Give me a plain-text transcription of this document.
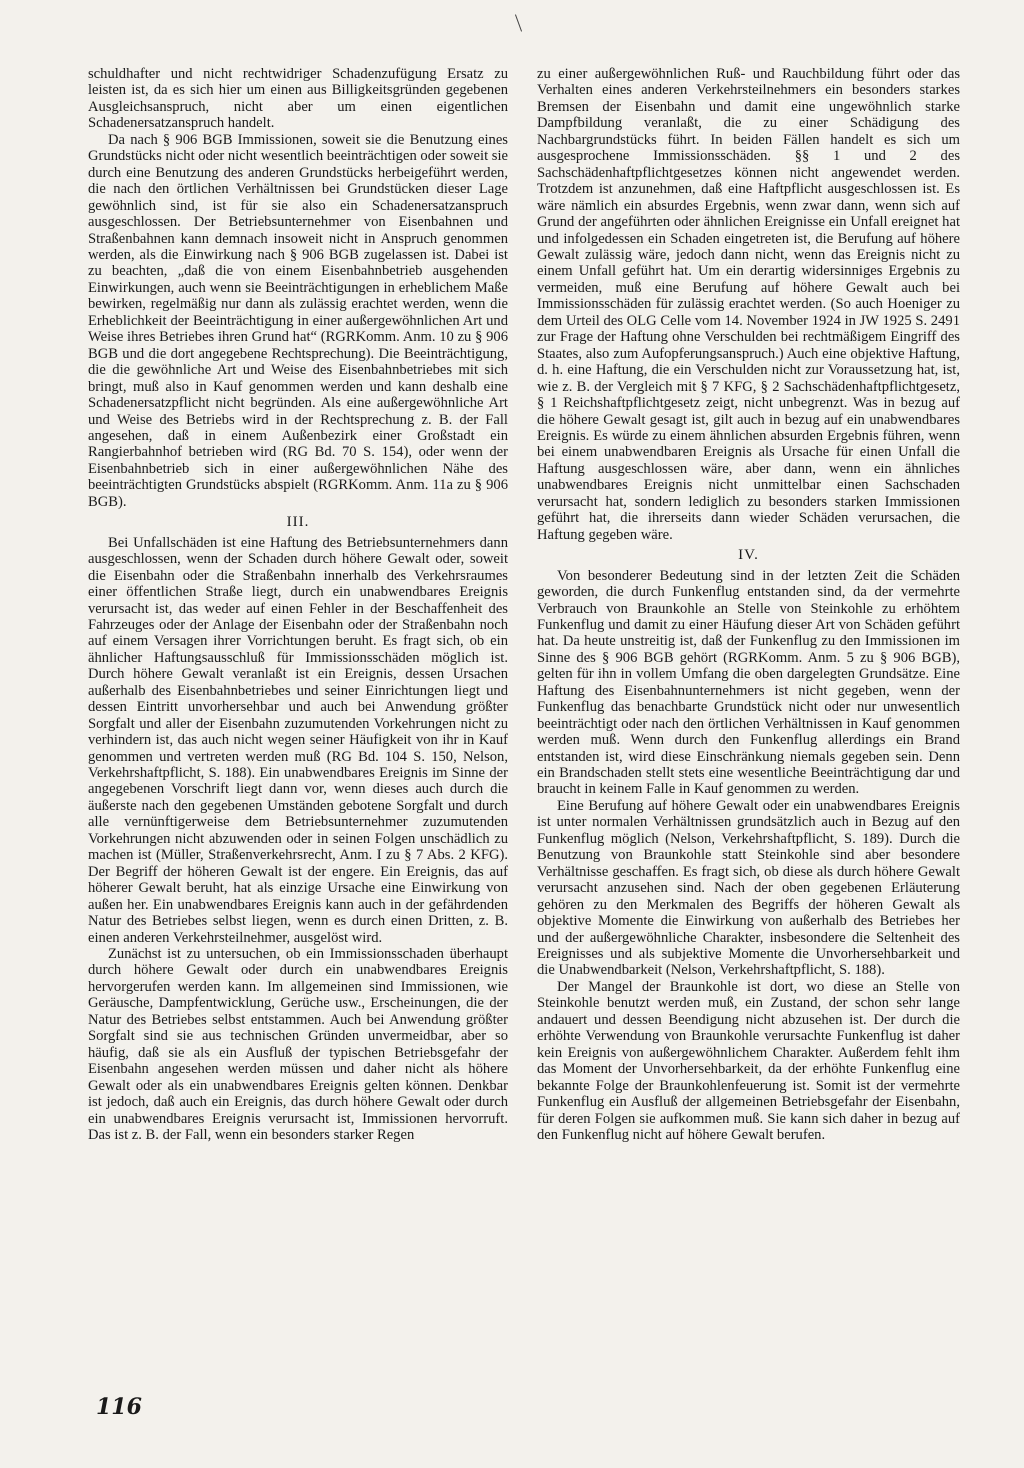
schuldhafter und nicht rechtwidriger Schadenzufügung Ersatz zu leisten ist, da es sich hier um einen aus Billigkeitsgründen gegebenen Ausgleichsanspruch, nicht aber um einen eigentlichen Schadenersatzanspruch handelt.

Da nach § 906 BGB Immissionen, soweit sie die Benutzung eines Grundstücks nicht oder nicht wesentlich beeinträchtigen oder soweit sie durch eine Benutzung des anderen Grundstücks herbeigeführt werden, die nach den örtlichen Verhältnissen bei Grundstücken dieser Lage gewöhnlich sind, ist für sie also ein Schadenersatzanspruch ausgeschlossen. Der Betriebsunternehmer von Eisenbahnen und Straßenbahnen kann demnach insoweit nicht in Anspruch genommen werden, als die Einwirkung nach § 906 BGB zugelassen ist. Dabei ist zu beachten, „daß die von einem Eisenbahnbetrieb ausgehenden Einwirkungen, auch wenn sie Beeinträchtigungen in erheblichem Maße bewirken, regelmäßig nur dann als zulässig erachtet werden, wenn die Erheblichkeit der Beeinträchtigung in einer außergewöhnlichen Art und Weise ihres Betriebes ihren Grund hat“ (RGRKomm. Anm. 10 zu § 906 BGB und die dort angegebene Rechtsprechung). Die Beeinträchtigung, die die gewöhnliche Art und Weise des Eisenbahnbetriebes mit sich bringt, muß also in Kauf genommen werden und kann deshalb eine Schadenersatzpflicht nicht begründen. Als eine außergewöhnliche Art und Weise des Betriebs wird in der Rechtsprechung z. B. der Fall angesehen, daß in einem Außenbezirk einer Großstadt ein Rangierbahnhof betrieben wird (RG Bd. 70 S. 154), oder wenn der Eisenbahnbetrieb sich in einer außergewöhnlichen Nähe des beeinträchtigten Grundstücks abspielt (RGRKomm. Anm. 11a zu § 906 BGB).

III.

Bei Unfallschäden ist eine Haftung des Betriebsunternehmers dann ausgeschlossen, wenn der Schaden durch höhere Gewalt oder, soweit die Eisenbahn oder die Straßenbahn innerhalb des Verkehrsraumes einer öffentlichen Straße liegt, durch ein unabwendbares Ereignis verursacht ist, das weder auf einen Fehler in der Beschaffenheit des Fahrzeuges oder der Anlage der Eisenbahn oder der Straßenbahn noch auf einem Versagen ihrer Vorrichtungen beruht. Es fragt sich, ob ein ähnlicher Haftungsausschluß für Immissionsschäden möglich ist. Durch höhere Gewalt veranlaßt ist ein Ereignis, dessen Ursachen außerhalb des Eisenbahnbetriebes und seiner Einrichtungen liegt und dessen Eintritt unvorhersehbar und auch bei Anwendung größter Sorgfalt und aller der Eisenbahn zuzumutenden Vorkehrungen nicht zu verhindern ist, das auch nicht wegen seiner Häufigkeit von ihr in Kauf genommen und vertreten werden muß (RG Bd. 104 S. 150, Nelson, Verkehrshaftpflicht, S. 188). Ein unabwendbares Ereignis im Sinne der angegebenen Vorschrift liegt dann vor, wenn dieses auch durch die äußerste nach den gegebenen Umständen gebotene Sorgfalt und durch alle vernünftigerweise dem Betriebsunternehmer zuzumutenden Vorkehrungen nicht abzuwenden oder in seinen Folgen unschädlich zu machen ist (Müller, Straßenverkehrsrecht, Anm. I zu § 7 Abs. 2 KFG). Der Begriff der höheren Gewalt ist der engere. Ein Ereignis, das auf höherer Gewalt beruht, hat als einzige Ursache eine Einwirkung von außen her. Ein unabwendbares Ereignis kann auch in der gefährdenden Natur des Betriebes selbst liegen, wenn es durch einen Dritten, z. B. einen anderen Verkehrsteilnehmer, ausgelöst wird.

Zunächst ist zu untersuchen, ob ein Immissionsschaden überhaupt durch höhere Gewalt oder durch ein unabwendbares Ereignis hervorgerufen werden kann. Im allgemeinen sind Immissionen, wie Geräusche, Dampfentwicklung, Gerüche usw., Erscheinungen, die der Natur des Betriebes selbst entstammen. Auch bei Anwendung größter Sorgfalt sind sie aus technischen Gründen unvermeidbar, aber so häufig, daß sie als ein Ausfluß der typischen Betriebsgefahr der Eisenbahn angesehen werden müssen und daher nicht als höhere Gewalt oder als ein unabwendbares Ereignis gelten können. Denkbar ist jedoch, daß auch ein Ereignis, das durch höhere Gewalt oder durch ein unabwendbares Ereignis verursacht ist, Immissionen hervorruft. Das ist z. B. der Fall, wenn ein besonders starker Regen

zu einer außergewöhnlichen Ruß- und Rauchbildung führt oder das Verhalten eines anderen Verkehrsteilnehmers ein besonders starkes Bremsen der Eisenbahn und damit eine ungewöhnlich starke Dampfbildung veranlaßt, die zu einer Schädigung des Nachbargrundstücks führt. In beiden Fällen handelt es sich um ausgesprochene Immissionsschäden. §§ 1 und 2 des Sachschädenhaftpflichtgesetzes können nicht angewendet werden. Trotzdem ist anzunehmen, daß eine Haftpflicht ausgeschlossen ist. Es wäre nämlich ein absurdes Ergebnis, wenn zwar dann, wenn sich auf Grund der angeführten oder ähnlichen Ereignisse ein Unfall ereignet hat und infolgedessen ein Schaden eingetreten ist, die Berufung auf höhere Gewalt zulässig wäre, jedoch dann nicht, wenn das Ereignis nicht zu einem Unfall geführt hat. Um ein derartig widersinniges Ergebnis zu vermeiden, muß eine Berufung auf höhere Gewalt auch bei Immissionsschäden für zulässig erachtet werden. (So auch Hoeniger zu dem Urteil des OLG Celle vom 14. November 1924 in JW 1925 S. 2491 zur Frage der Haftung ohne Verschulden bei rechtmäßigem Eingriff des Staates, also zum Aufopferungsanspruch.) Auch eine objektive Haftung, d. h. eine Haftung, die ein Verschulden nicht zur Voraussetzung hat, ist, wie z. B. der Vergleich mit § 7 KFG, § 2 Sachschädenhaftpflichtgesetz, § 1 Reichshaftpflichtgesetz zeigt, nicht unbegrenzt. Was in bezug auf die höhere Gewalt gesagt ist, gilt auch in bezug auf ein unabwendbares Ereignis. Es würde zu einem ähnlichen absurden Ergebnis führen, wenn bei einem unabwendbaren Ereignis als Ursache für einen Unfall die Haftung ausgeschlossen wäre, aber dann, wenn ein ähnliches unabwendbares Ereignis nicht unmittelbar einen Sachschaden verursacht hat, sondern lediglich zu besonders starken Immissionen geführt hat, die ihrerseits dann wieder Schäden verursachen, die Haftung gegeben wäre.

IV.

Von besonderer Bedeutung sind in der letzten Zeit die Schäden geworden, die durch Funkenflug entstanden sind, da der vermehrte Verbrauch von Braunkohle an Stelle von Steinkohle zu erhöhtem Funkenflug und damit zu einer Häufung dieser Art von Schäden geführt hat. Da heute unstreitig ist, daß der Funkenflug zu den Immissionen im Sinne des § 906 BGB gehört (RGRKomm. Anm. 5 zu § 906 BGB), gelten für ihn in vollem Umfang die oben dargelegten Grundsätze. Eine Haftung des Eisenbahnunternehmers ist nicht gegeben, wenn der Funkenflug das benachbarte Grundstück nicht oder nur unwesentlich beeinträchtigt oder nach den örtlichen Verhältnissen in Kauf genommen werden muß. Wenn durch den Funkenflug allerdings ein Brand entstanden ist, wird diese Einschränkung niemals gegeben sein. Denn ein Brandschaden stellt stets eine wesentliche Beeinträchtigung dar und braucht in keinem Falle in Kauf genommen zu werden.

Eine Berufung auf höhere Gewalt oder ein unabwendbares Ereignis ist unter normalen Verhältnissen grundsätzlich auch in Bezug auf den Funkenflug möglich (Nelson, Verkehrshaftpflicht, S. 189). Durch die Benutzung von Braunkohle statt Steinkohle sind aber besondere Verhältnisse geschaffen. Es fragt sich, ob diese als durch höhere Gewalt verursacht anzusehen sind. Nach der oben gegebenen Erläuterung gehören zu den Merkmalen des Begriffs der höheren Gewalt als objektive Momente die Einwirkung von außerhalb des Betriebes her und der außergewöhnliche Charakter, insbesondere die Seltenheit des Ereignisses und als subjektive Momente die Unvorhersehbarkeit und die Unabwendbarkeit (Nelson, Verkehrshaftpflicht, S. 188).

Der Mangel der Braunkohle ist dort, wo diese an Stelle von Steinkohle benutzt werden muß, ein Zustand, der schon sehr lange andauert und dessen Beendigung nicht abzusehen ist. Der durch die erhöhte Verwendung von Braunkohle verursachte Funkenflug ist daher kein Ereignis von außergewöhnlichem Charakter. Außerdem fehlt ihm das Moment der Unvorhersehbarkeit, da der erhöhte Funkenflug eine bekannte Folge der Braunkohlenfeuerung ist. Somit ist der vermehrte Funkenflug ein Ausfluß der allgemeinen Betriebsgefahr der Eisenbahn, für deren Folgen sie aufkommen muß. Sie kann sich daher in bezug auf den Funkenflug nicht auf höhere Gewalt berufen.

116
